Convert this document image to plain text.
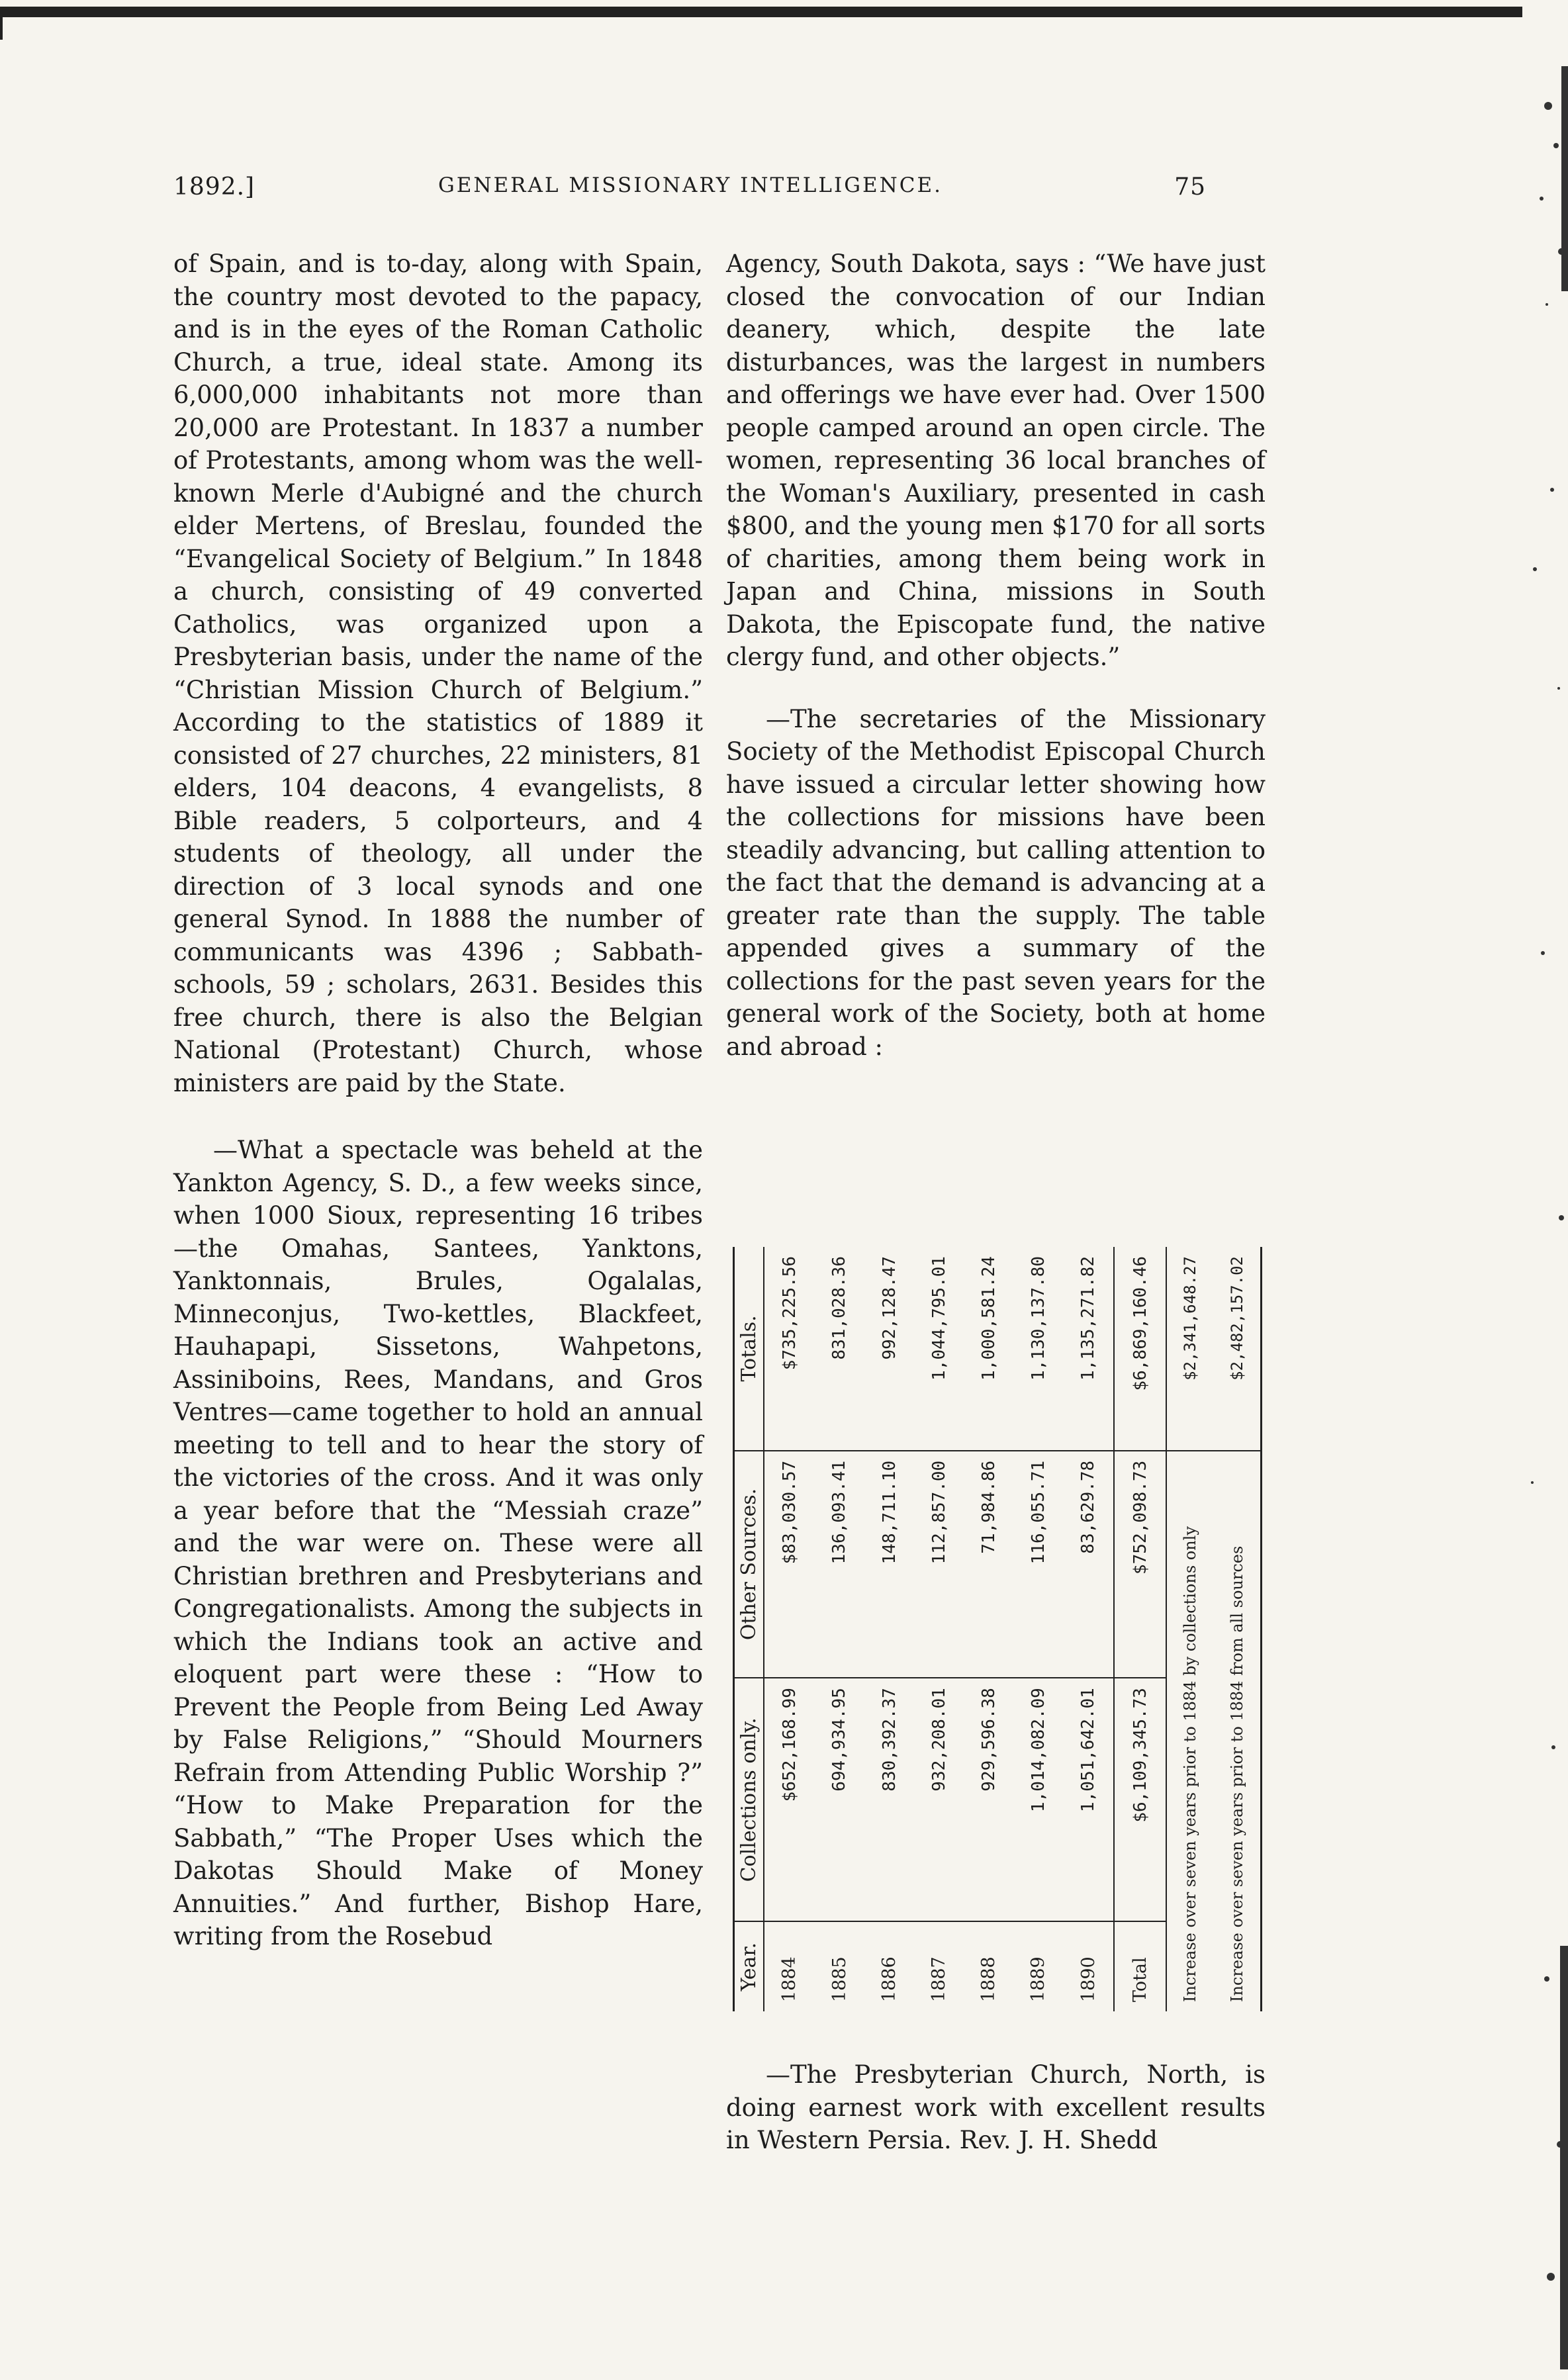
1892.]	GENERAL MISSIONARY INTELLIGENCE.	75

of Spain, and is to-day, along with Spain, the country most devoted to the papacy, and is in the eyes of the Roman Catholic Church, a true, ideal state. Among its 6,000,000 inhabitants not more than 20,000 are Protestant. In 1837 a number of Protestants, among whom was the well-known Merle d'Aubigné and the church elder Mertens, of Breslau, founded the “Evangelical Society of Belgium.” In 1848 a church, consisting of 49 converted Catholics, was organized upon a Presbyterian basis, under the name of the “Christian Mission Church of Belgium.” According to the statistics of 1889 it consisted of 27 churches, 22 ministers, 81 elders, 104 deacons, 4 evangelists, 8 Bible readers, 5 colporteurs, and 4 students of theology, all under the direction of 3 local synods and one general Synod. In 1888 the number of communicants was 4396 ; Sabbath-schools, 59 ; scholars, 2631. Besides this free church, there is also the Belgian National (Protestant) Church, whose ministers are paid by the State.

—What a spectacle was beheld at the Yankton Agency, S. D., a few weeks since, when 1000 Sioux, representing 16 tribes—the Omahas, Santees, Yanktons, Yanktonnais, Brules, Ogalalas, Minneconjus, Two-kettles, Blackfeet, Hauhapapi, Sissetons, Wahpetons, Assiniboins, Rees, Mandans, and Gros Ventres—came together to hold an annual meeting to tell and to hear the story of the victories of the cross. And it was only a year before that the “Messiah craze” and the war were on. These were all Christian brethren and Presbyterians and Congregationalists. Among the subjects in which the Indians took an active and eloquent part were these : “How to Prevent the People from Being Led Away by False Religions,” “Should Mourners Refrain from Attending Public Worship ?” “How to Make Preparation for the Sabbath,” “The Proper Uses which the Dakotas Should Make of Money Annuities.” And further, Bishop Hare, writing from the Rosebud

Agency, South Dakota, says : “We have just closed the convocation of our Indian deanery, which, despite the late disturbances, was the largest in numbers and offerings we have ever had. Over 1500 people camped around an open circle. The women, representing 36 local branches of the Woman's Auxiliary, presented in cash $800, and the young men $170 for all sorts of charities, among them being work in Japan and China, missions in South Dakota, the Episcopate fund, the native clergy fund, and other objects.”

—The secretaries of the Missionary Society of the Methodist Episcopal Church have issued a circular letter showing how the collections for missions have been steadily advancing, but calling attention to the fact that the demand is advancing at a greater rate than the supply. The table appended gives a summary of the collections for the past seven years for the general work of the Society, both at home and abroad :

Year.	Collections only.	Other Sources.	Totals.
1884	$652,168.99	$83,030.57	$735,225.56
1885	694,934.95	136,093.41	831,028.36
1886	830,392.37	148,711.10	992,128.47
1887	932,208.01	112,857.00	1,044,795.01
1888	929,596.38	71,984.86	1,000,581.24
1889	1,014,082.09	116,055.71	1,130,137.80
1890	1,051,642.01	83,629.78	1,135,271.82
Total	$6,109,345.73	$752,098.73	$6,869,160.46
Increase over seven years prior to 1884 by collections only			$2,341,648.27
Increase over seven years prior to 1884 from all sources			$2,482,157.02

—The Presbyterian Church, North, is doing earnest work with excellent results in Western Persia. Rev. J. H. Shedd
